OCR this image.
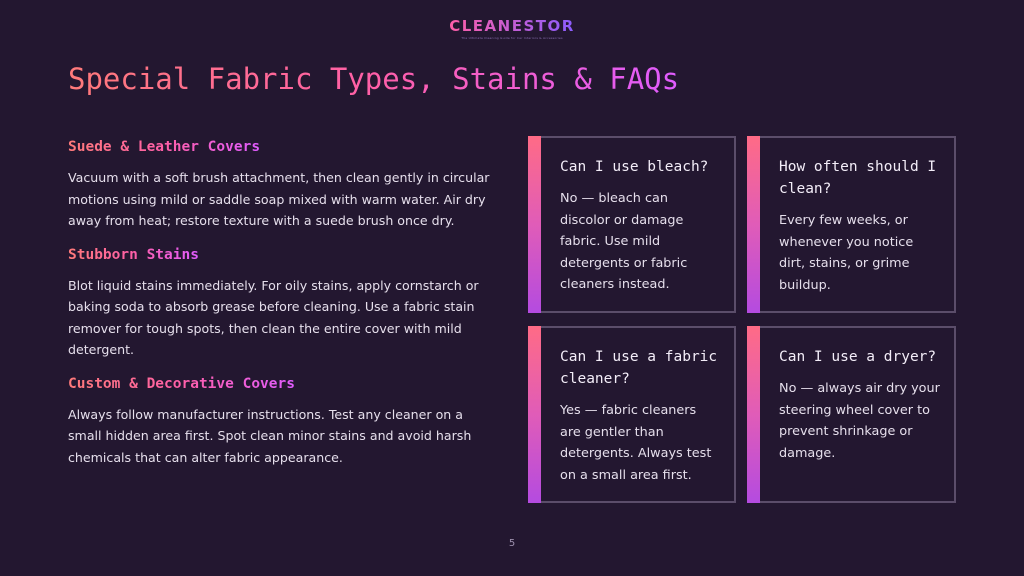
CLEANESTOR
The Ultimate Cleaning Guide for Car Interiors & Accessories
Special Fabric Types, Stains & FAQs
Suede & Leather Covers

Vacuum with a soft brush attachment, then clean gently in circular motions using mild or saddle soap mixed with warm water. Air dry away from heat; restore texture with a suede brush once dry.

Stubborn Stains

Blot liquid stains immediately. For oily stains, apply cornstarch or baking soda to absorb grease before cleaning. Use a fabric stain remover for tough spots, then clean the entire cover with mild detergent.

Custom & Decorative Covers

Always follow manufacturer instructions. Test any cleaner on a small hidden area first. Spot clean minor stains and avoid harsh chemicals that can alter fabric appearance.

Can I use bleach?
No — bleach can discolor or damage fabric. Use mild detergents or fabric cleaners instead.
How often should I clean?
Every few weeks, or whenever you notice dirt, stains, or grime buildup.
Can I use a fabric cleaner?
Yes — fabric cleaners are gentler than detergents. Always test on a small area first.
Can I use a dryer?
No — always air dry your steering wheel cover to prevent shrinkage or damage.
5
